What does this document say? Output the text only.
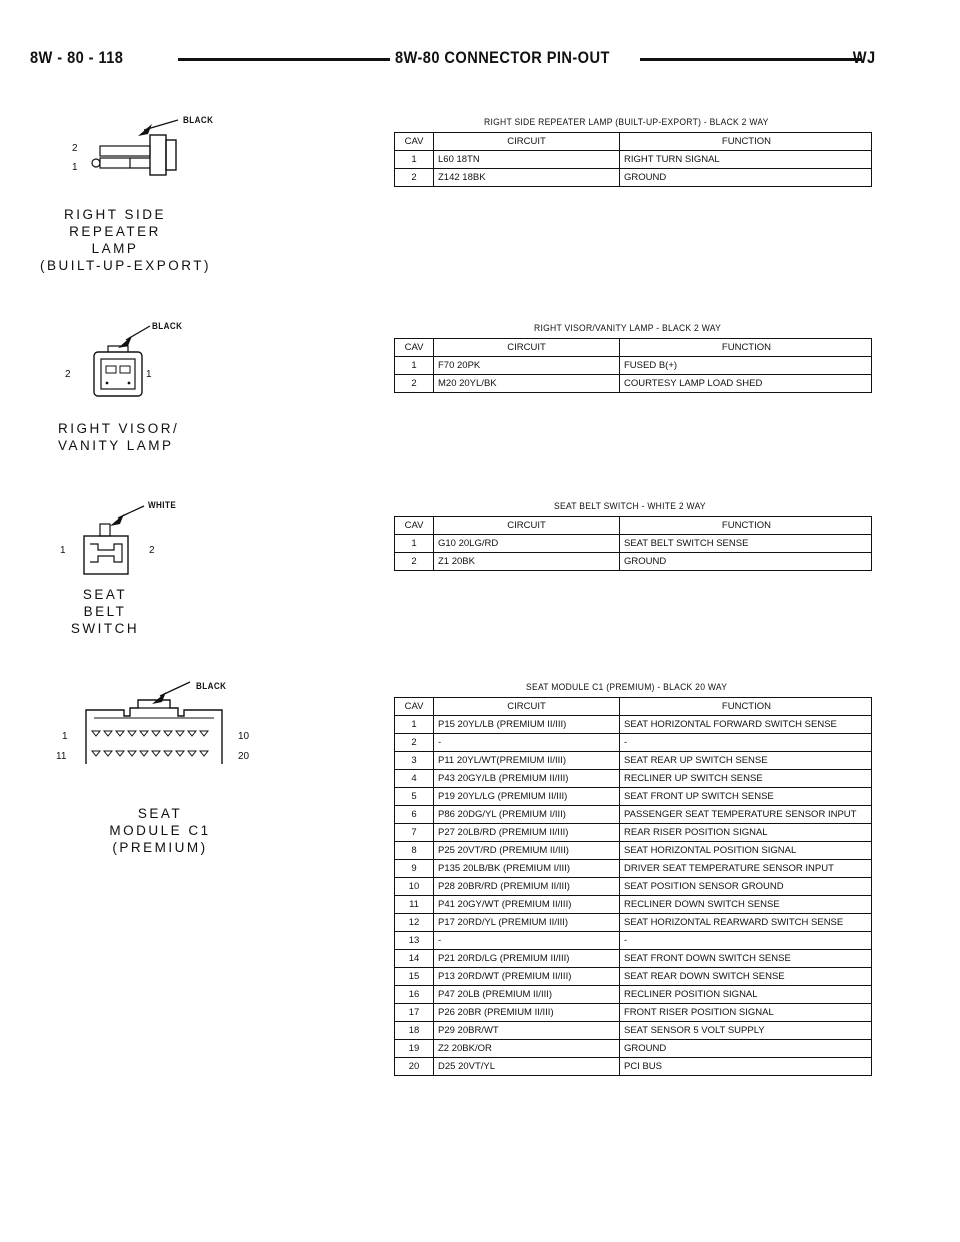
8W - 80 - 118	8W-80 CONNECTOR PIN-OUT	WJ
BLACK
2
1
RIGHT SIDE
REPEATER
LAMP
(BUILT-UP-EXPORT)
RIGHT SIDE REPEATER LAMP (BUILT-UP-EXPORT) - BLACK 2 WAY
CAV	CIRCUIT	FUNCTION
1	L60 18TN	RIGHT TURN SIGNAL
2	Z142 18BK	GROUND
BLACK
2	1
RIGHT VISOR/
VANITY LAMP
RIGHT VISOR/VANITY LAMP - BLACK 2 WAY
CAV	CIRCUIT	FUNCTION
1	F70 20PK	FUSED B(+)
2	M20 20YL/BK	COURTESY LAMP LOAD SHED
WHITE
1	2
SEAT
BELT
SWITCH
SEAT BELT SWITCH - WHITE 2 WAY
CAV	CIRCUIT	FUNCTION
1	G10 20LG/RD	SEAT BELT SWITCH SENSE
2	Z1 20BK	GROUND
BLACK
1	10
11	20
SEAT
MODULE C1
(PREMIUM)
SEAT MODULE C1 (PREMIUM) - BLACK 20 WAY
CAV	CIRCUIT	FUNCTION
1	P15 20YL/LB (PREMIUM II/III)	SEAT HORIZONTAL FORWARD SWITCH SENSE
2	-	-
3	P11 20YL/WT(PREMIUM II/III)	SEAT REAR UP SWITCH SENSE
4	P43 20GY/LB (PREMIUM II/III)	RECLINER UP SWITCH SENSE
5	P19 20YL/LG (PREMIUM II/III)	SEAT FRONT UP SWITCH SENSE
6	P86 20DG/YL (PREMIUM I/III)	PASSENGER SEAT TEMPERATURE SENSOR INPUT
7	P27 20LB/RD (PREMIUM II/III)	REAR RISER POSITION SIGNAL
8	P25 20VT/RD (PREMIUM II/III)	SEAT HORIZONTAL POSITION SIGNAL
9	P135 20LB/BK (PREMIUM I/III)	DRIVER SEAT TEMPERATURE SENSOR INPUT
10	P28 20BR/RD (PREMIUM II/III)	SEAT POSITION SENSOR GROUND
11	P41 20GY/WT (PREMIUM II/III)	RECLINER DOWN SWITCH SENSE
12	P17 20RD/YL (PREMIUM II/III)	SEAT HORIZONTAL REARWARD SWITCH SENSE
13	-	-
14	P21 20RD/LG (PREMIUM II/III)	SEAT FRONT DOWN SWITCH SENSE
15	P13 20RD/WT (PREMIUM II/III)	SEAT REAR DOWN SWITCH SENSE
16	P47 20LB (PREMIUM II/III)	RECLINER POSITION SIGNAL
17	P26 20BR (PREMIUM II/III)	FRONT RISER POSITION SIGNAL
18	P29 20BR/WT	SEAT SENSOR 5 VOLT SUPPLY
19	Z2 20BK/OR	GROUND
20	D25 20VT/YL	PCI BUS
